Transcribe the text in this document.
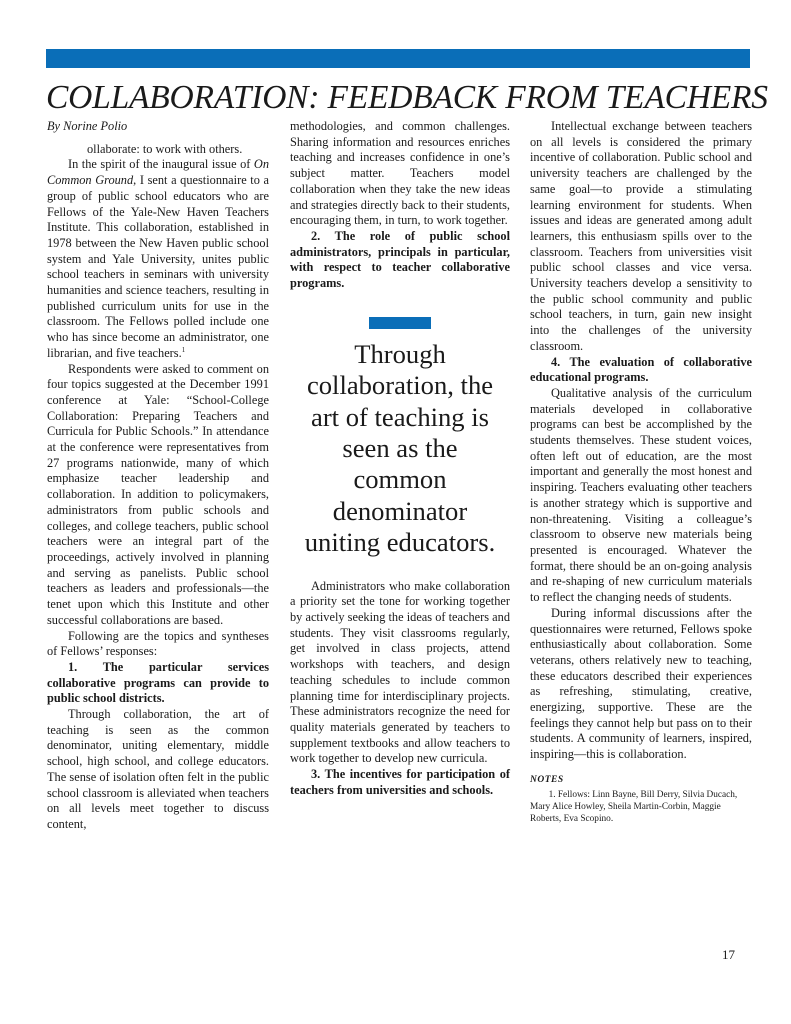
COLLABORATION: FEEDBACK FROM TEACHERS

By Norine Polio

ollaborate: to work with others.

In the spirit of the inaugural issue of On Common Ground, I sent a questionnaire to a group of public school educators who are Fellows of the Yale-New Haven Teachers Institute. This collaboration, established in 1978 between the New Haven public school system and Yale University, unites public school teachers in seminars with university humanities and science teachers, resulting in published curriculum units for use in the classroom. The Fellows polled include one who has since become an administrator, one librarian, and five teachers.$^1$

Respondents were asked to comment on four topics suggested at the December 1991 conference at Yale: “School-College Collaboration: Preparing Teachers and Curricula for Public Schools.” In attendance at the conference were representatives from 27 programs nationwide, many of which emphasize teacher leadership and collaboration. In addition to policymakers, administrators from public schools and colleges, and college teachers, public school teachers were an integral part of the proceedings, actively involved in planning and serving as panelists. Public school teachers as leaders and professionals—the tenet upon which this Institute and other successful collaborations are based.

Following are the topics and syntheses of Fellows’ responses:

1. The particular services collaborative programs can provide to public school districts.

Through collaboration, the art of teaching is seen as the common denominator, uniting elementary, middle school, high school, and college educators. The sense of isolation often felt in the public school classroom is alleviated when teachers on all levels meet together to discuss content,

methodologies, and common challenges. Sharing information and resources enriches teaching and increases confidence in one’s subject matter. Teachers model collaboration when they take the new ideas and strategies directly back to their students, encouraging them, in turn, to work together.

2. The role of public school administrators, principals in particular, with respect to teacher collaborative programs.

Through collaboration, the art of teaching is seen as the common denominator uniting educators.

Administrators who make collaboration a priority set the tone for working together by actively seeking the ideas of teachers and students. They visit classrooms regularly, get involved in class projects, attend workshops with teachers, and design teaching schedules to include common planning time for interdisciplinary projects. These administrators recognize the need for quality materials generated by teachers to supplement textbooks and allow teachers to work together to develop new curricula.

3. The incentives for participation of teachers from universities and schools.

Intellectual exchange between teachers on all levels is considered the primary incentive of collaboration. Public school and university teachers are challenged by the same goal—to provide a stimulating learning environment for students. When issues and ideas are generated among adult learners, this enthusiasm spills over to the classroom. Teachers from universities visit public school classes and vice versa. University teachers develop a sensitivity to the public school community and public school teachers, in turn, gain new insight into the challenges of the university classroom.

4. The evaluation of collaborative educational programs.

Qualitative analysis of the curriculum materials developed in collaborative programs can best be accomplished by the students themselves. These student voices, often left out of education, are the most important and generally the most honest and inspiring. Teachers evaluating other teachers is another strategy which is supportive and non-threatening. Visiting a colleague’s classroom to observe new materials being presented is encouraged. Whatever the format, there should be an on-going analysis and re-shaping of new curriculum materials to reflect the changing needs of students.

During informal discussions after the questionnaires were returned, Fellows spoke enthusiastically about collaboration. Some veterans, others relatively new to teaching, these educators described their experiences as refreshing, stimulating, creative, energizing, supportive. These are the feelings they cannot help but pass on to their students. A community of learners, inspired, inspiring—this is collaboration.

NOTES

1. Fellows: Linn Bayne, Bill Derry, Silvia Ducach, Mary Alice Howley, Sheila Martin-Corbin, Maggie Roberts, Eva Scopino.

17
